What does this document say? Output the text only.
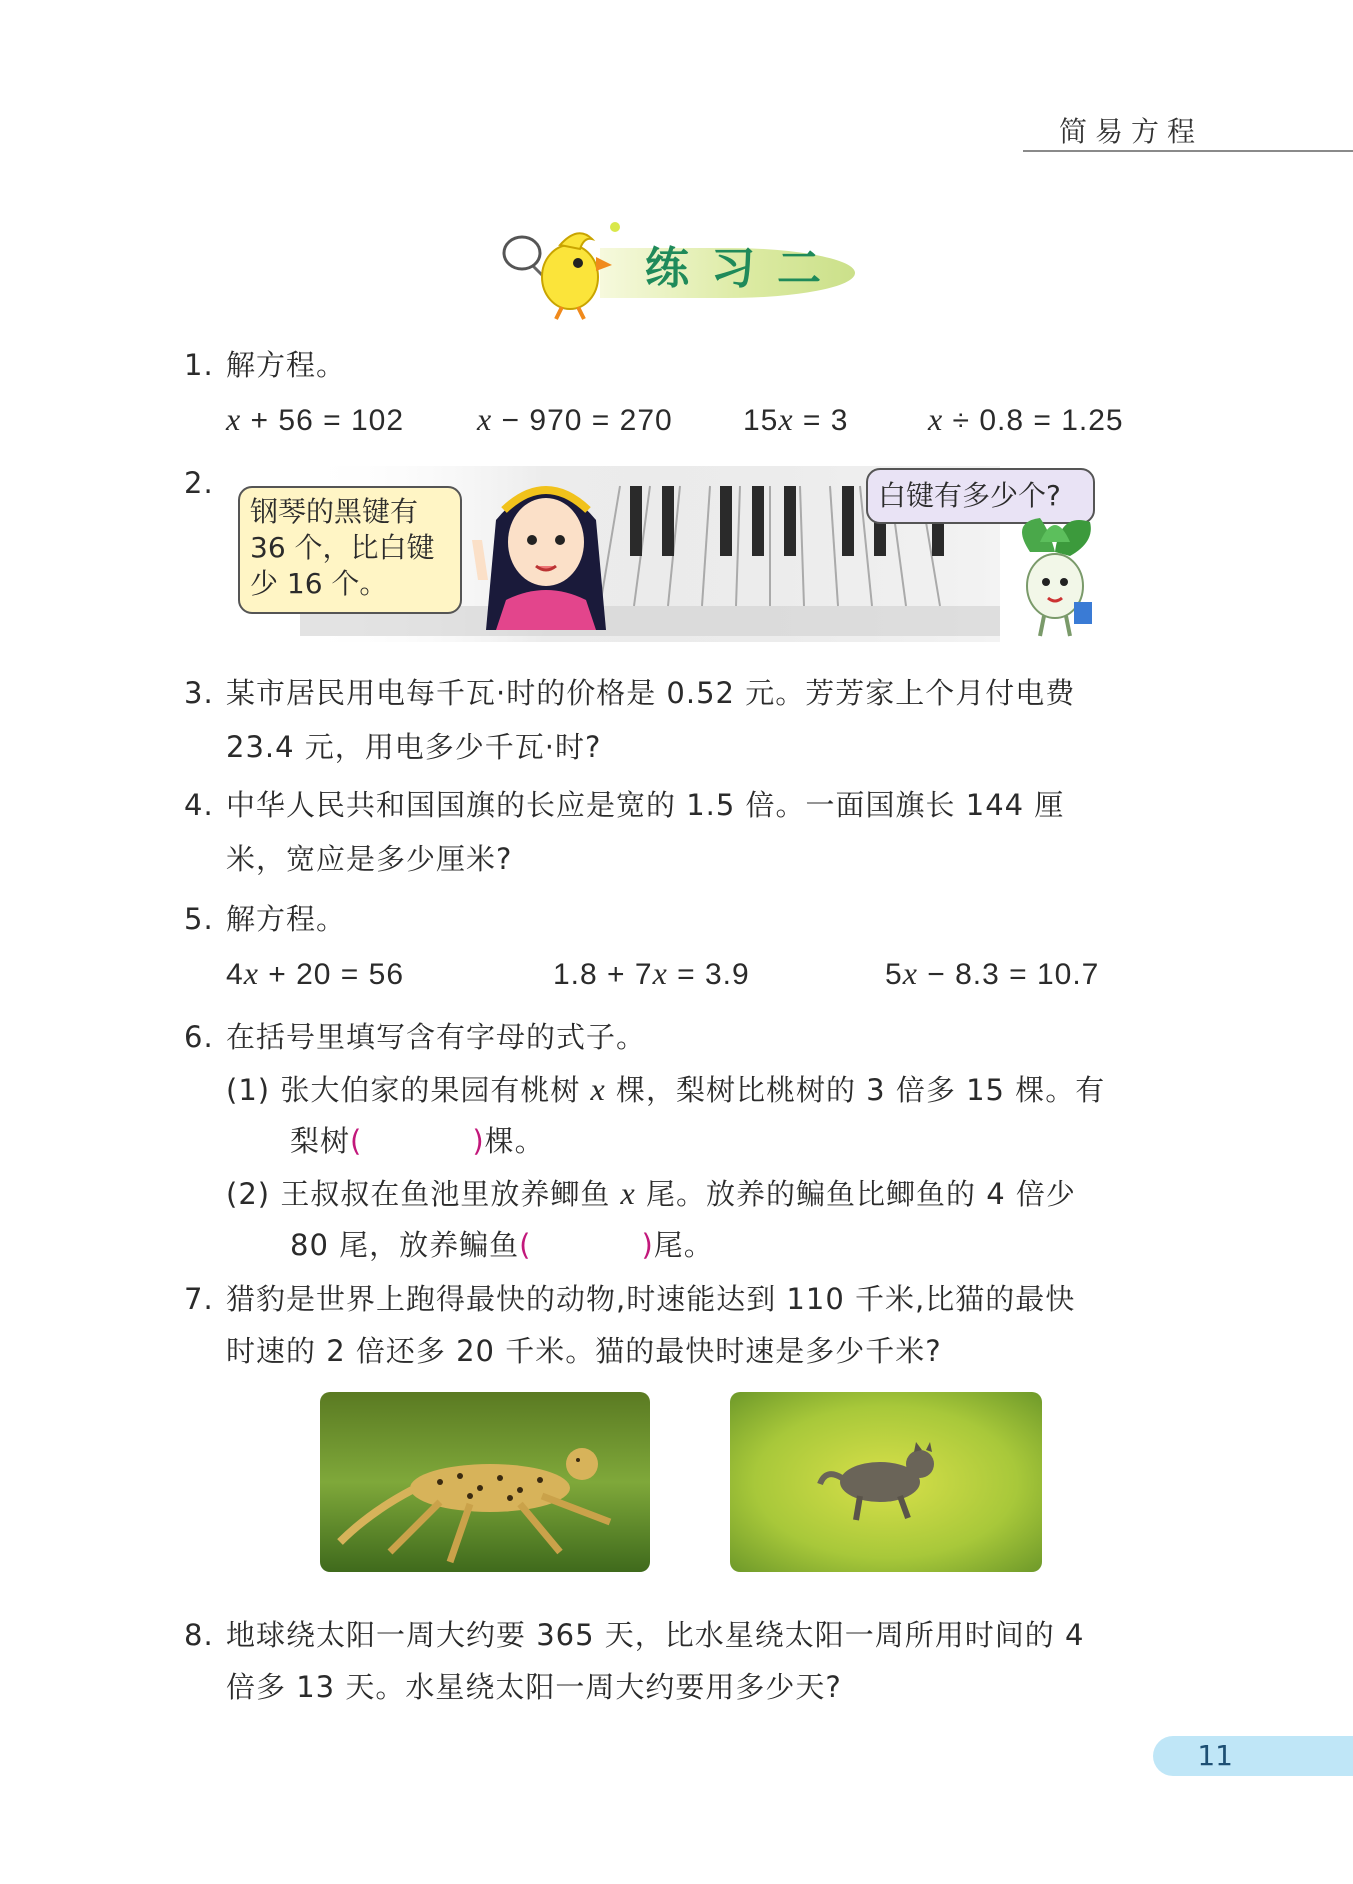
简易方程
练习二
1. 解方程。
x + 56 = 102 x − 970 = 270 15x = 3 x ÷ 0.8 = 1.25
2.
钢琴的黑键有
36 个，比白键
少 16 个。
白键有多少个?
3. 某市居民用电每千瓦·时的价格是 0.52 元。芳芳家上个月付电费
23.4 元，用电多少千瓦·时?
4. 中华人民共和国国旗的长应是宽的 1.5 倍。一面国旗长 144 厘
米，宽应是多少厘米?
5. 解方程。
4x + 20 = 56	1.8 + 7x = 3.9	5x − 8.3 = 10.7
6. 在括号里填写含有字母的式子。
(1) 张大伯家的果园有桃树 x 棵，梨树比桃树的 3 倍多 15 棵。有
梨树(	)棵。
(2) 王叔叔在鱼池里放养鲫鱼 x 尾。放养的鳊鱼比鲫鱼的 4 倍少
80 尾，放养鳊鱼(	)尾。
7. 猎豹是世界上跑得最快的动物,时速能达到 110 千米,比猫的最快
时速的 2 倍还多 20 千米。猫的最快时速是多少千米?
8. 地球绕太阳一周大约要 365 天，比水星绕太阳一周所用时间的 4
倍多 13 天。水星绕太阳一周大约要用多少天?
11
